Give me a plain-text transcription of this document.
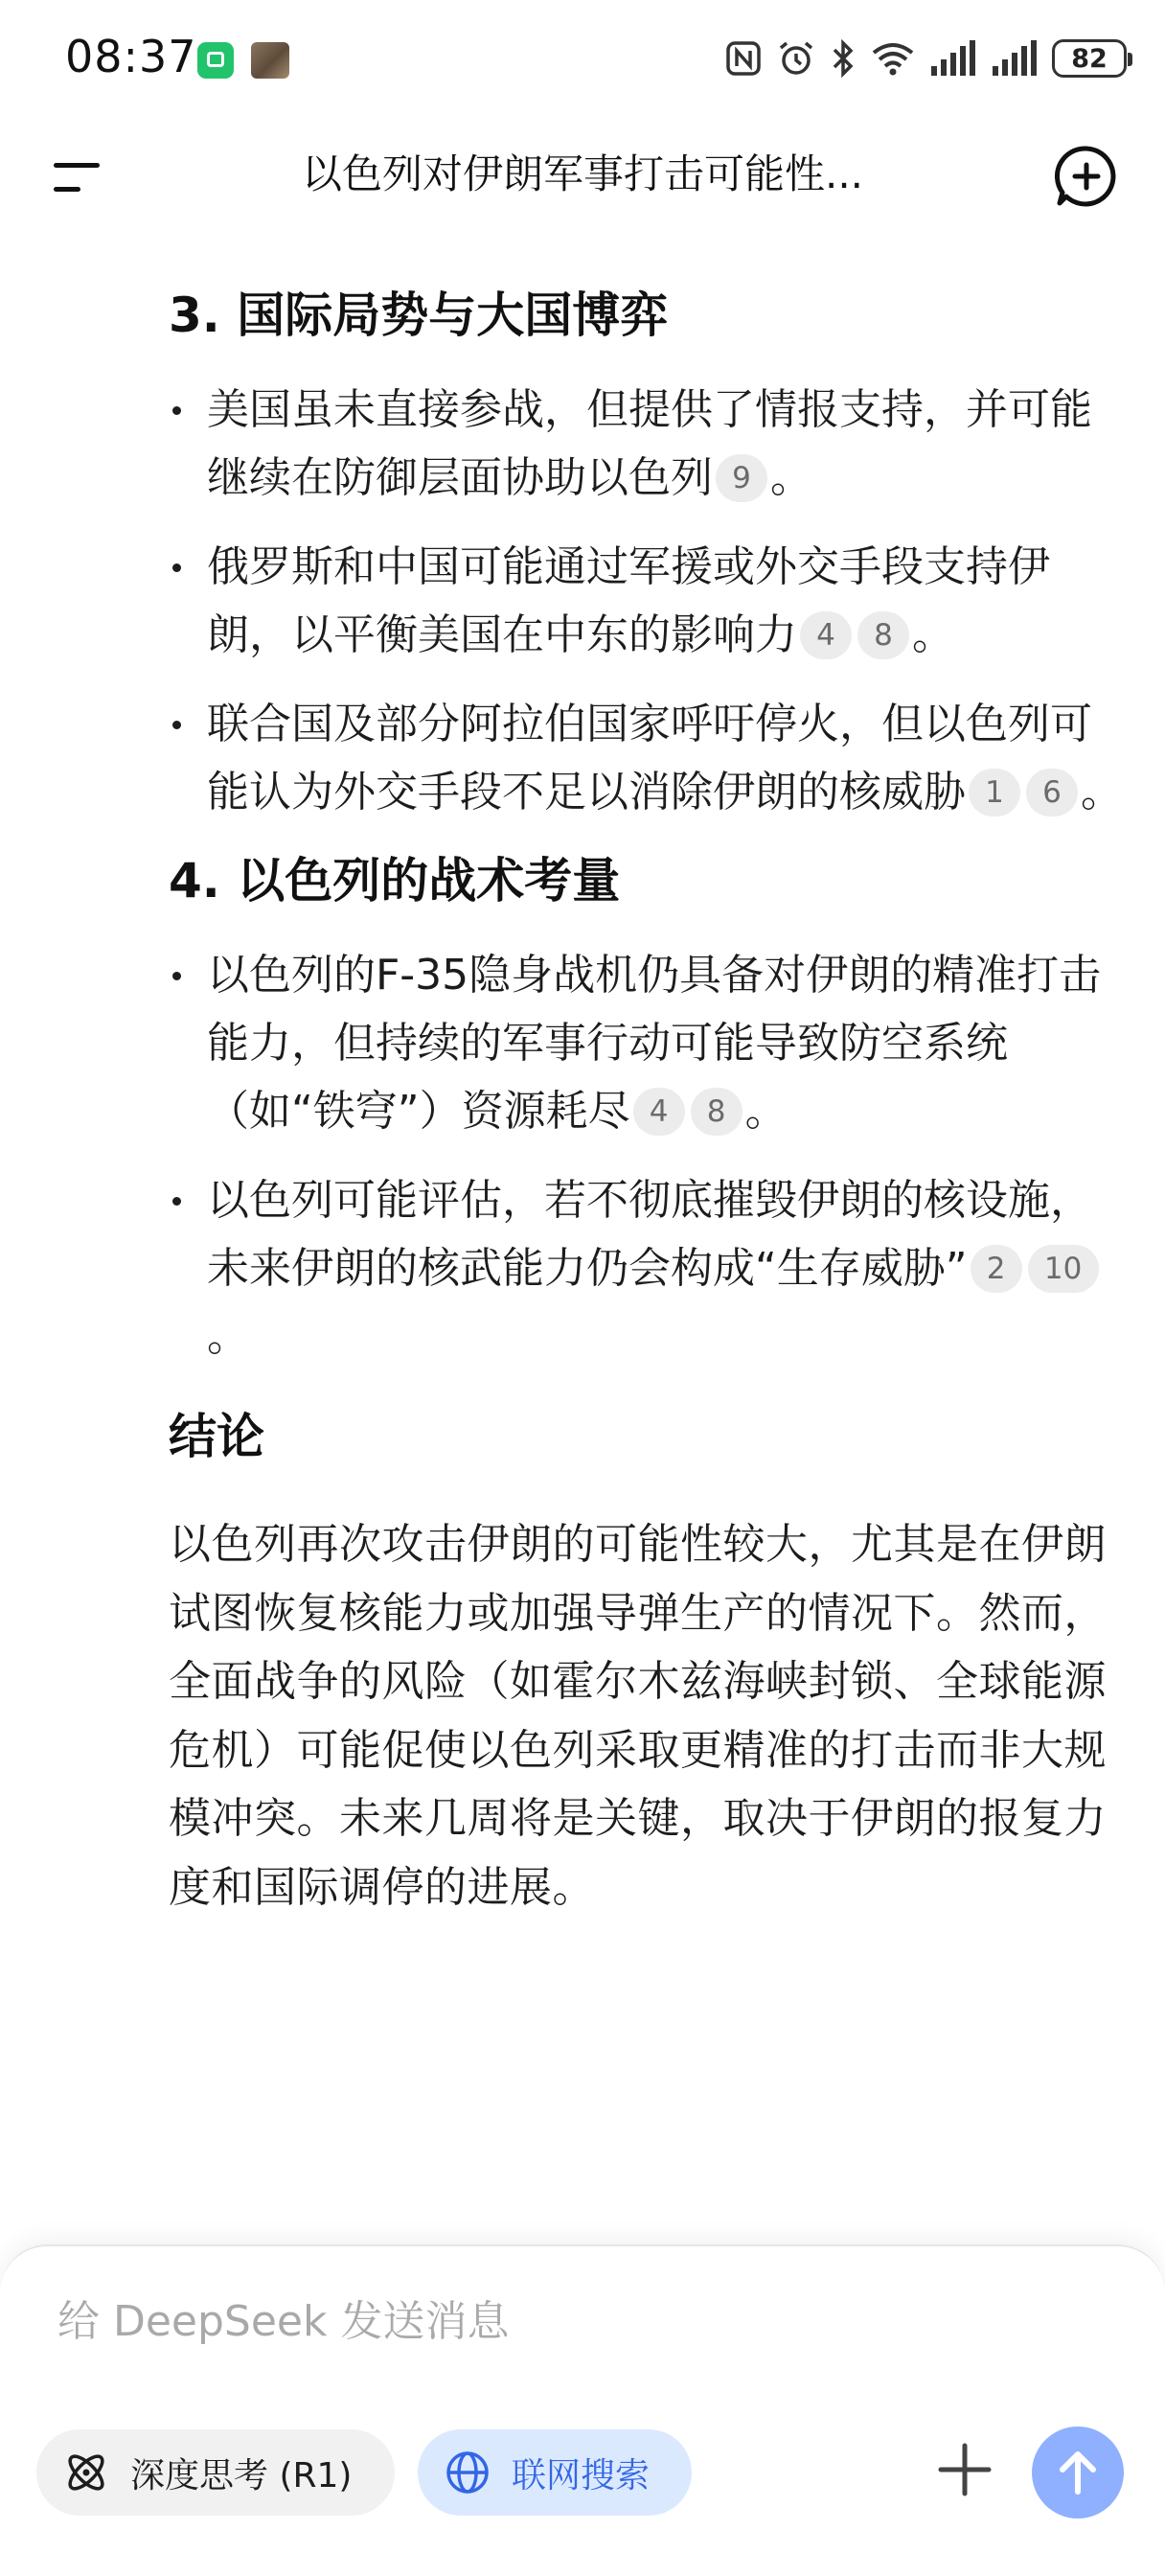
08:37	82
以色列对伊朗军事打击可能性...
3. 国际局势与大国博弈
美国虽未直接参战，但提供了情报支持，并可能继续在防御层面协助以色列 9 。
俄罗斯和中国可能通过军援或外交手段支持伊朗，以平衡美国在中东的影响力 4 8 。
联合国及部分阿拉伯国家呼吁停火，但以色列可能认为外交手段不足以消除伊朗的核威胁 1 6 。
4. 以色列的战术考量
以色列的F-35隐身战机仍具备对伊朗的精准打击能力，但持续的军事行动可能导致防空系统（如“铁穹”）资源耗尽 4 8 。
以色列可能评估，若不彻底摧毁伊朗的核设施，未来伊朗的核武能力仍会构成“生存威胁” 2 10。
结论
以色列再次攻击伊朗的可能性较大，尤其是在伊朗试图恢复核能力或加强导弹生产的情况下。然而，全面战争的风险（如霍尔木兹海峡封锁、全球能源危机）可能促使以色列采取更精准的打击而非大规模冲突。未来几周将是关键，取决于伊朗的报复力度和国际调停的进展。
给 DeepSeek 发送消息
深度思考 (R1)	联网搜索
